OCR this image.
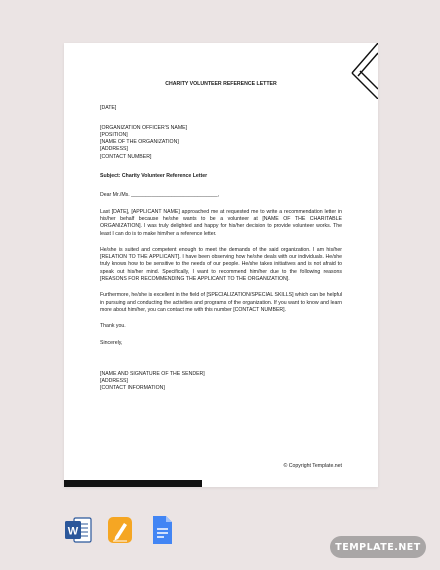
CHARITY VOLUNTEER REFERENCE LETTER
[DATE]
[ORGANIZATION OFFICER'S NAME]
[POSITION]
[NAME OF THE ORGANIZATION]
[ADDRESS]
[CONTACT NUMBER]
Subject: Charity Volunteer Reference Letter
Dear Mr./Ms. ______________________________,

Last [DATE], [APPLICANT NAME] approached me at requested me to write a recommendation letter in his/her behalf because he/she wants to be a volunteer at [NAME OF THE CHARITABLE ORGANIZATION]. I was truly delighted and happy for his/her decision to provide volunteer works. The least I can do is to make him/her a reference letter.

He/she is suited and competent enough to meet the demands of the said organization. I am his/her [RELATION TO THE APPLICANT]. I have been observing how he/she deals with our individuals. He/she truly knows how to be sensitive to the needs of our people. He/she takes initiatives and is not afraid to speak out his/her mind. Specifically, I want to recommend him/her due to the following reasons [REASONS FOR RECOMMENDING THE APPLICANT TO THE ORGANIZATION].

Furthermore, he/she is excellent in the field of [SPECIALIZATION/SPECIAL SKILLS] which can be helpful in pursuing and conducting the activities and programs of the organization. If you want to know and learn more about him/her, you can contact me with this number [CONTACT NUMBER].

Thank you.
Sincerely,
[NAME AND SIGNATURE OF THE SENDER]
[ADDRESS]
[CONTACT INFORMATION]
© Copyright Template.net
W
TEMPLATE.NET
